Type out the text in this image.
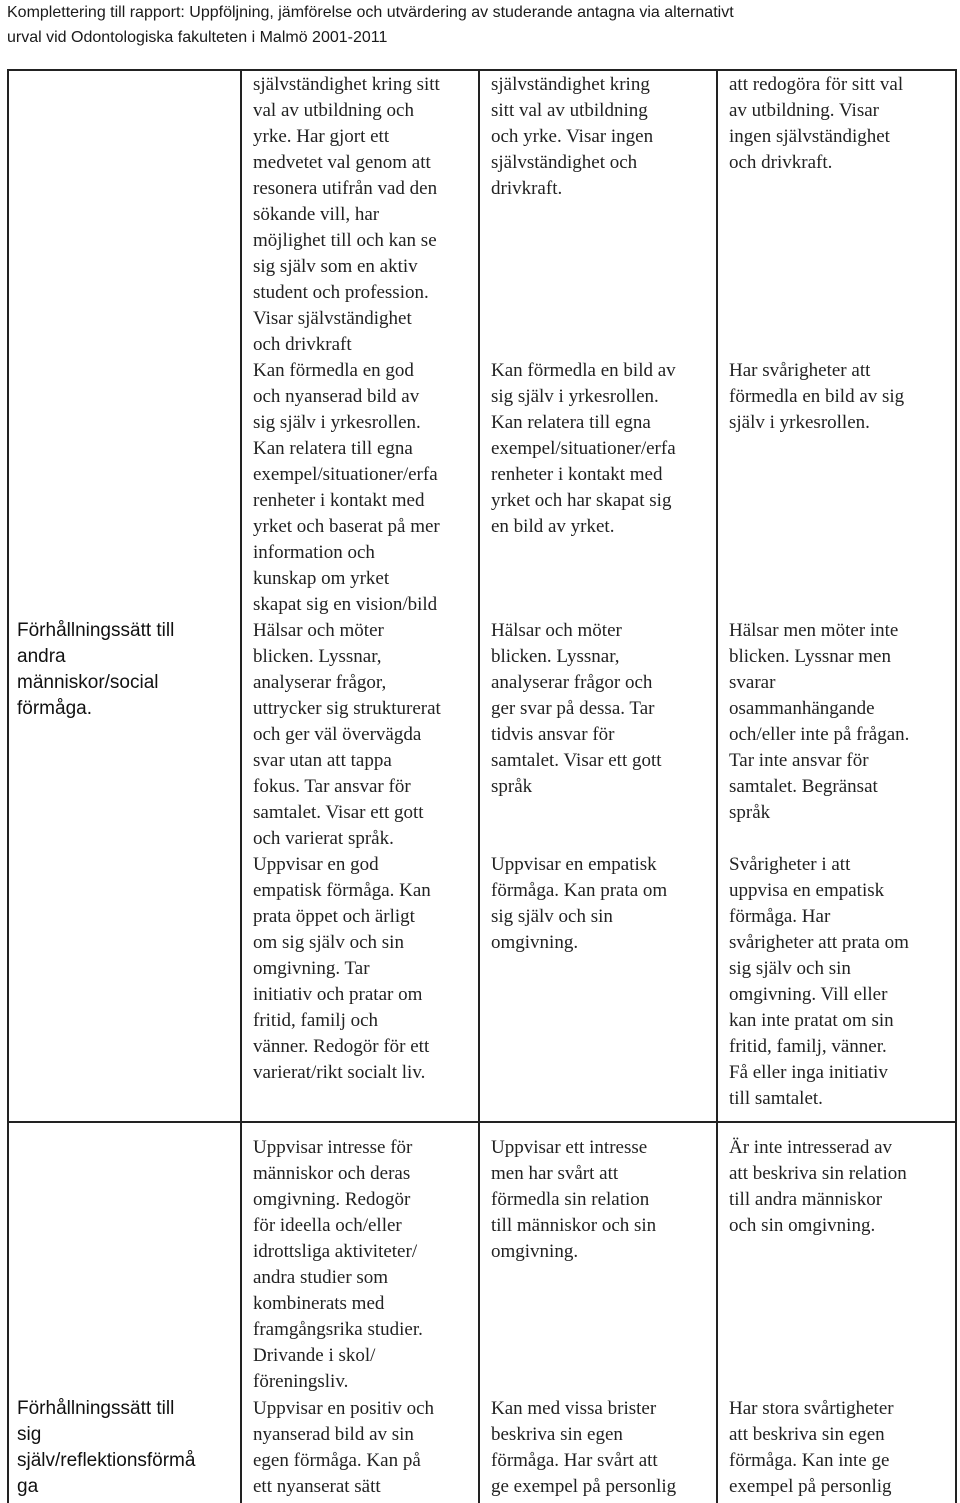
Komplettering till rapport: Uppföljning, jämförelse och utvärdering av studerande antagna via alternativt
urval vid Odontologiska fakulteten i Malmö 2001-2011
Förhållningssätt till
andra
människor/social
förmåga.
Förhållningssätt till
sig
själv/reflektionsförmå
ga

självständighet kring sitt

val av utbildning och

yrke. Har gjort ett

medvetet val genom att

resonera utifrån vad den

sökande vill, har

möjlighet till och kan se

sig själv som en aktiv

student och profession.

Visar självständighet

och drivkraft

Kan förmedla en god

och nyanserad bild av

sig själv i yrkesrollen.

Kan relatera till egna

exempel/situationer/erfa

renheter i kontakt med

yrket och baserat på mer

information och

kunskap om yrket

skapat sig en vision/bild

Hälsar och möter

blicken. Lyssnar,

analyserar frågor,

uttrycker sig strukturerat

och ger väl övervägda

svar utan att tappa

fokus. Tar ansvar för

samtalet. Visar ett gott

och varierat språk.

Uppvisar en god

empatisk förmåga. Kan

prata öppet och ärligt

om sig själv och sin

omgivning. Tar

initiativ och pratar om

fritid, familj och

vänner. Redogör för ett

varierat/rikt socialt liv.

Uppvisar intresse för

människor och deras

omgivning. Redogör

för ideella och/eller

idrottsliga aktiviteter/

andra studier som

kombinerats med

framgångsrika studier.

Drivande i skol/

föreningsliv.

Uppvisar en positiv och

nyanserad bild av sin

egen förmåga. Kan på

ett nyanserat sätt

självständighet kring

sitt val av utbildning

och yrke. Visar ingen

självständighet och

drivkraft.

Kan förmedla en bild av

sig själv i yrkesrollen.

Kan relatera till egna

exempel/situationer/erfa

renheter i kontakt med

yrket och har skapat sig

en bild av yrket.

Hälsar och möter

blicken. Lyssnar,

analyserar frågor och

ger svar på dessa. Tar

tidvis ansvar för

samtalet. Visar ett gott

språk

Uppvisar en empatisk

förmåga. Kan prata om

sig själv och sin

omgivning.

Uppvisar ett intresse

men har svårt att

förmedla sin relation

till människor och sin

omgivning.

Kan med vissa brister

beskriva sin egen

förmåga. Har svårt att

ge exempel på personlig

att redogöra för sitt val

av utbildning. Visar

ingen självständighet

och drivkraft.

Har svårigheter att

förmedla en bild av sig

själv i yrkesrollen.

Hälsar men möter inte

blicken. Lyssnar men

svarar

osammanhängande

och/eller inte på frågan.

Tar inte ansvar för

samtalet. Begränsat

språk

Svårigheter i att

uppvisa en empatisk

förmåga. Har

svårigheter att prata om

sig själv och sin

omgivning. Vill eller

kan inte pratat om sin

fritid, familj, vänner.

Få eller inga initiativ

till samtalet.

Är inte intresserad av

att beskriva sin relation

till andra människor

och sin omgivning.

Har stora svårtigheter

att beskriva sin egen

förmåga. Kan inte ge

exempel på personlig
